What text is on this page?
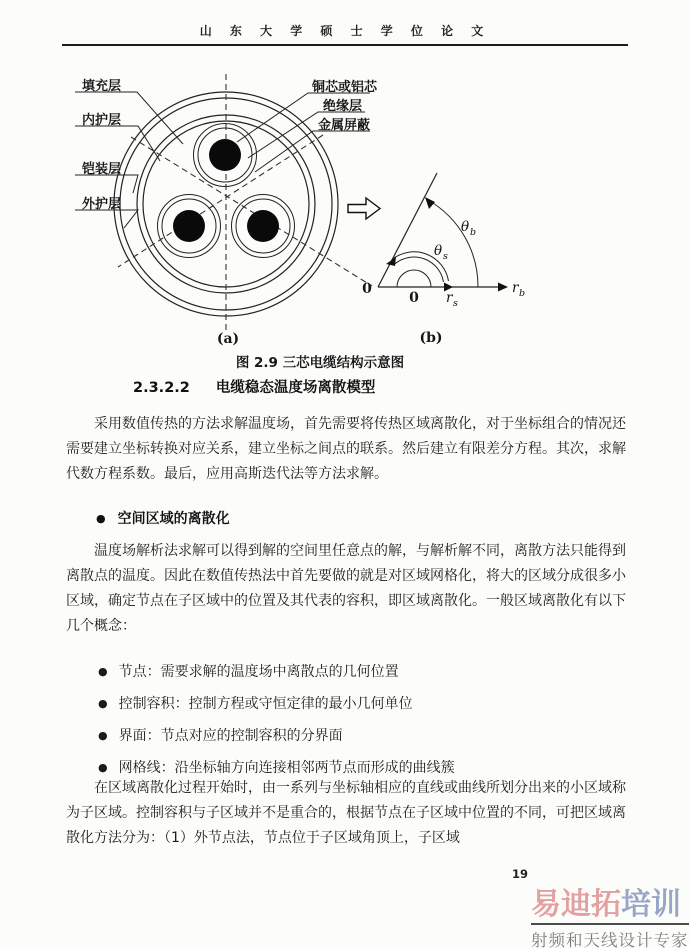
山 东 大 学 硕 士 学 位 论 文
填充层
内护层
铠装层
外护层
铜芯或铝芯
绝缘层
金属屏蔽
(a)
θ b
θ s
r b
r s
0
0
(b)
图 2.9 三芯电缆结构示意图
2.3.2.2 电缆稳态温度场离散模型
采用数值传热的方法求解温度场，首先需要将传热区域离散化，对于坐标组合的情况还需要建立坐标转换对应关系，建立坐标之间点的联系。然后建立有限差分方程。其次，求解代数方程系数。最后，应用高斯迭代法等方法求解。
● 空间区域的离散化
温度场解析法求解可以得到解的空间里任意点的解，与解析解不同，离散方法只能得到离散点的温度。因此在数值传热法中首先要做的就是对区域网格化，将大的区域分成很多小区域，确定节点在子区域中的位置及其代表的容积，即区域离散化。一般区域离散化有以下几个概念：
● 节点：需要求解的温度场中离散点的几何位置
● 控制容积：控制方程或守恒定律的最小几何单位
● 界面：节点对应的控制容积的分界面
● 网格线：沿坐标轴方向连接相邻两节点而形成的曲线簇
在区域离散化过程开始时，由一系列与坐标轴相应的直线或曲线所划分出来的小区域称为子区域。控制容积与子区域并不是重合的，根据节点在子区域中位置的不同，可把区域离散化方法分为：（1）外节点法，节点位于子区域角顶上，子区域
19
易迪拓培训
射频和天线设计专家
